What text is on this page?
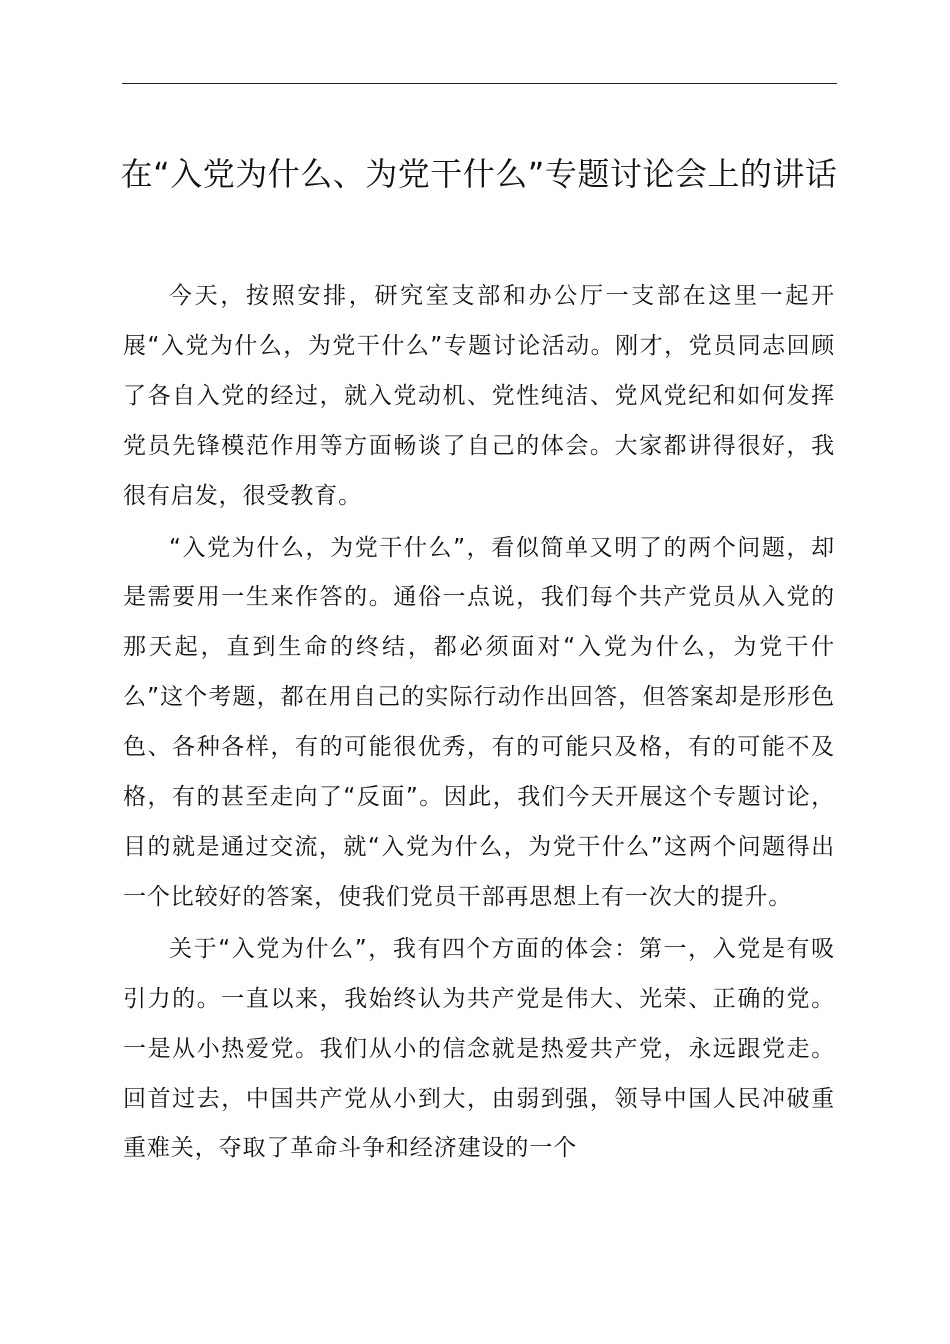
在“入党为什么、为党干什么”专题讨论会上的讲话

今天，按照安排，研究室支部和办公厅一支部在这里一起开展“入党为什么，为党干什么”专题讨论活动。刚才，党员同志回顾了各自入党的经过，就入党动机、党性纯洁、党风党纪和如何发挥党员先锋模范作用等方面畅谈了自己的体会。大家都讲得很好，我很有启发，很受教育。

“入党为什么，为党干什么”，看似简单又明了的两个问题，却是需要用一生来作答的。通俗一点说，我们每个共产党员从入党的那天起，直到生命的终结，都必须面对“入党为什么，为党干什么”这个考题，都在用自己的实际行动作出回答，但答案却是形形色色、各种各样，有的可能很优秀，有的可能只及格，有的可能不及格，有的甚至走向了“反面”。因此，我们今天开展这个专题讨论，目的就是通过交流，就“入党为什么，为党干什么”这两个问题得出一个比较好的答案，使我们党员干部再思想上有一次大的提升。

关于“入党为什么”，我有四个方面的体会：第一，入党是有吸引力的。一直以来，我始终认为共产党是伟大、光荣、正确的党。一是从小热爱党。我们从小的信念就是热爱共产党，永远跟党走。回首过去，中国共产党从小到大，由弱到强，领导中国人民冲破重重难关，夺取了革命斗争和经济建设的一个
